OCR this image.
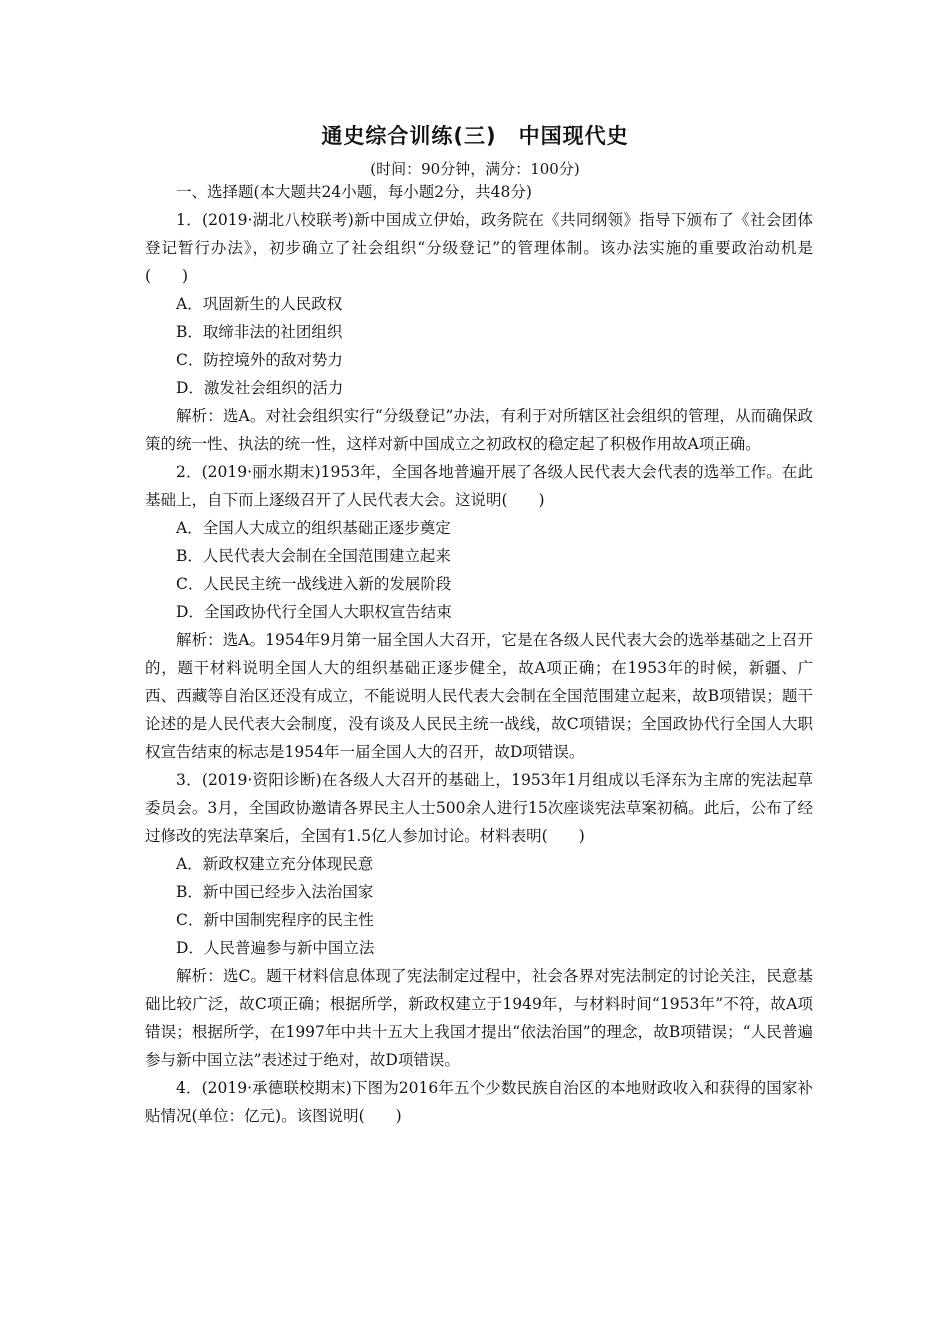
通史综合训练(三) 中国现代史
(时间：90分钟，满分：100分)

一、选择题(本大题共24小题，每小题2分，共48分)

1．(2019·湖北八校联考)新中国成立伊始，政务院在《共同纲领》指导下颁布了《社会团体登记暂行办法》，初步确立了社会组织“分级登记”的管理体制。该办法实施的重要政治动机是(　　)

A．巩固新生的人民政权

B．取缔非法的社团组织

C．防控境外的敌对势力

D．激发社会组织的活力

解析：选A。对社会组织实行“分级登记”办法，有利于对所辖区社会组织的管理，从而确保政策的统一性、执法的统一性，这样对新中国成立之初政权的稳定起了积极作用故A项正确。

2．(2019·丽水期末)1953年，全国各地普遍开展了各级人民代表大会代表的选举工作。在此基础上，自下而上逐级召开了人民代表大会。这说明(　　)

A．全国人大成立的组织基础正逐步奠定

B．人民代表大会制在全国范围建立起来

C．人民民主统一战线进入新的发展阶段

D．全国政协代行全国人大职权宣告结束

解析：选A。1954年9月第一届全国人大召开，它是在各级人民代表大会的选举基础之上召开的，题干材料说明全国人大的组织基础正逐步健全，故A项正确；在1953年的时候，新疆、广西、西藏等自治区还没有成立，不能说明人民代表大会制在全国范围建立起来，故B项错误；题干论述的是人民代表大会制度，没有谈及人民民主统一战线，故C项错误；全国政协代行全国人大职权宣告结束的标志是1954年一届全国人大的召开，故D项错误。

3．(2019·资阳诊断)在各级人大召开的基础上，1953年1月组成以毛泽东为主席的宪法起草委员会。3月，全国政协邀请各界民主人士500余人进行15次座谈宪法草案初稿。此后，公布了经过修改的宪法草案后，全国有1.5亿人参加讨论。材料表明(　　)

A．新政权建立充分体现民意

B．新中国已经步入法治国家

C．新中国制宪程序的民主性

D．人民普遍参与新中国立法

解析：选C。题干材料信息体现了宪法制定过程中，社会各界对宪法制定的讨论关注，民意基础比较广泛，故C项正确；根据所学，新政权建立于1949年，与材料时间“1953年”不符，故A项错误；根据所学，在1997年中共十五大上我国才提出“依法治国”的理念，故B项错误；“人民普遍参与新中国立法”表述过于绝对，故D项错误。

4．(2019·承德联校期末)下图为2016年五个少数民族自治区的本地财政收入和获得的国家补贴情况(单位：亿元)。该图说明(　　)
